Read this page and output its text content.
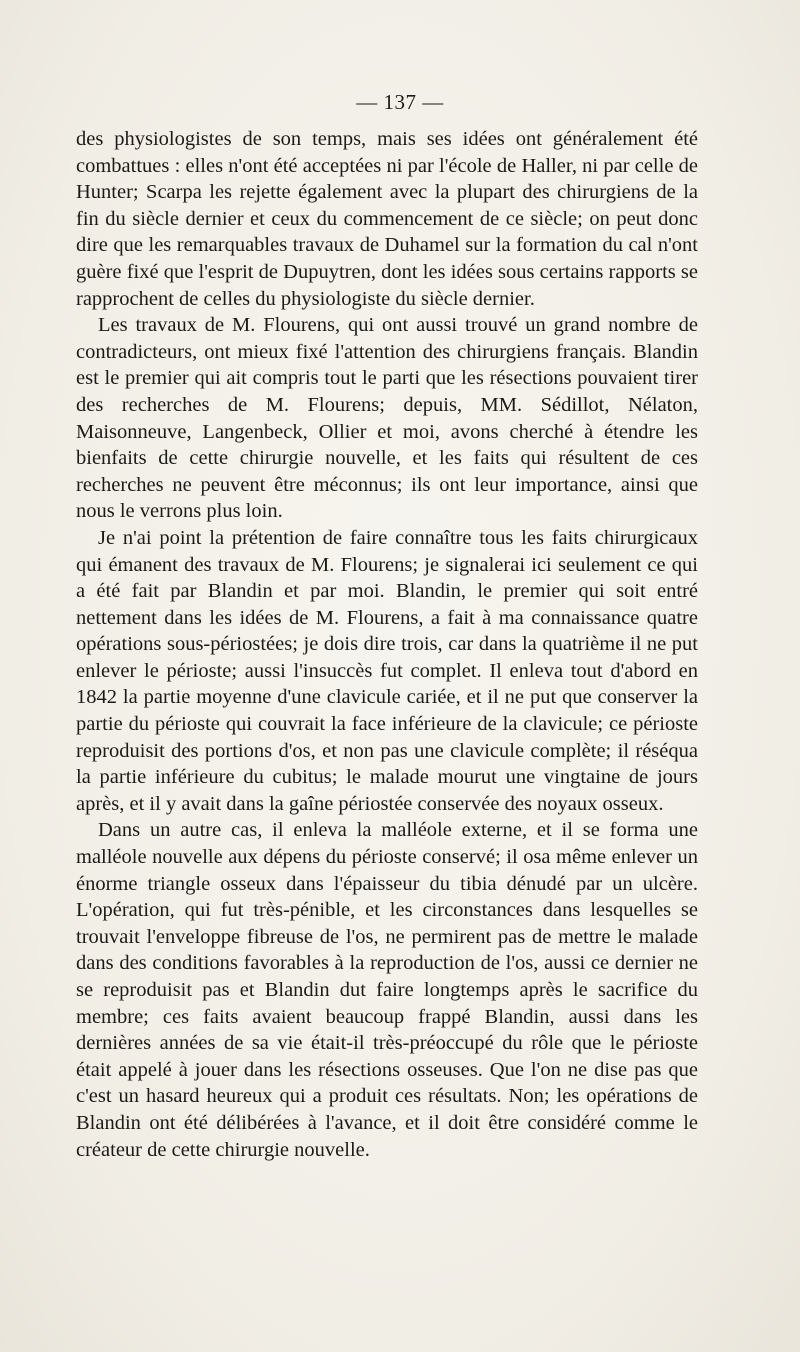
— 137 —

des physiologistes de son temps, mais ses idées ont généralement été combattues : elles n'ont été acceptées ni par l'école de Haller, ni par celle de Hunter; Scarpa les rejette également avec la plupart des chirurgiens de la fin du siècle dernier et ceux du commencement de ce siècle; on peut donc dire que les remarquables travaux de Duhamel sur la formation du cal n'ont guère fixé que l'esprit de Dupuytren, dont les idées sous certains rapports se rapprochent de celles du physiologiste du siècle dernier.

Les travaux de M. Flourens, qui ont aussi trouvé un grand nombre de contradicteurs, ont mieux fixé l'attention des chirurgiens français. Blandin est le premier qui ait compris tout le parti que les résections pouvaient tirer des recherches de M. Flourens; depuis, MM. Sédillot, Nélaton, Maisonneuve, Langenbeck, Ollier et moi, avons cherché à étendre les bienfaits de cette chirurgie nouvelle, et les faits qui résultent de ces recherches ne peuvent être méconnus; ils ont leur importance, ainsi que nous le verrons plus loin.

Je n'ai point la prétention de faire connaître tous les faits chirurgicaux qui émanent des travaux de M. Flourens; je signalerai ici seulement ce qui a été fait par Blandin et par moi. Blandin, le premier qui soit entré nettement dans les idées de M. Flourens, a fait à ma connaissance quatre opérations sous-périostées; je dois dire trois, car dans la quatrième il ne put enlever le périoste; aussi l'insuccès fut complet. Il enleva tout d'abord en 1842 la partie moyenne d'une clavicule cariée, et il ne put que conserver la partie du périoste qui couvrait la face inférieure de la clavicule; ce périoste reproduisit des portions d'os, et non pas une clavicule complète; il réséqua la partie inférieure du cubitus; le malade mourut une vingtaine de jours après, et il y avait dans la gaîne périostée conservée des noyaux osseux.

Dans un autre cas, il enleva la malléole externe, et il se forma une malléole nouvelle aux dépens du périoste conservé; il osa même enlever un énorme triangle osseux dans l'épaisseur du tibia dénudé par un ulcère. L'opération, qui fut très-pénible, et les circonstances dans lesquelles se trouvait l'enveloppe fibreuse de l'os, ne permirent pas de mettre le malade dans des conditions favorables à la reproduction de l'os, aussi ce dernier ne se reproduisit pas et Blandin dut faire longtemps après le sacrifice du membre; ces faits avaient beaucoup frappé Blandin, aussi dans les dernières années de sa vie était-il très-préoccupé du rôle que le périoste était appelé à jouer dans les résections osseuses. Que l'on ne dise pas que c'est un hasard heureux qui a produit ces résultats. Non; les opérations de Blandin ont été délibérées à l'avance, et il doit être considéré comme le créateur de cette chirurgie nouvelle.
